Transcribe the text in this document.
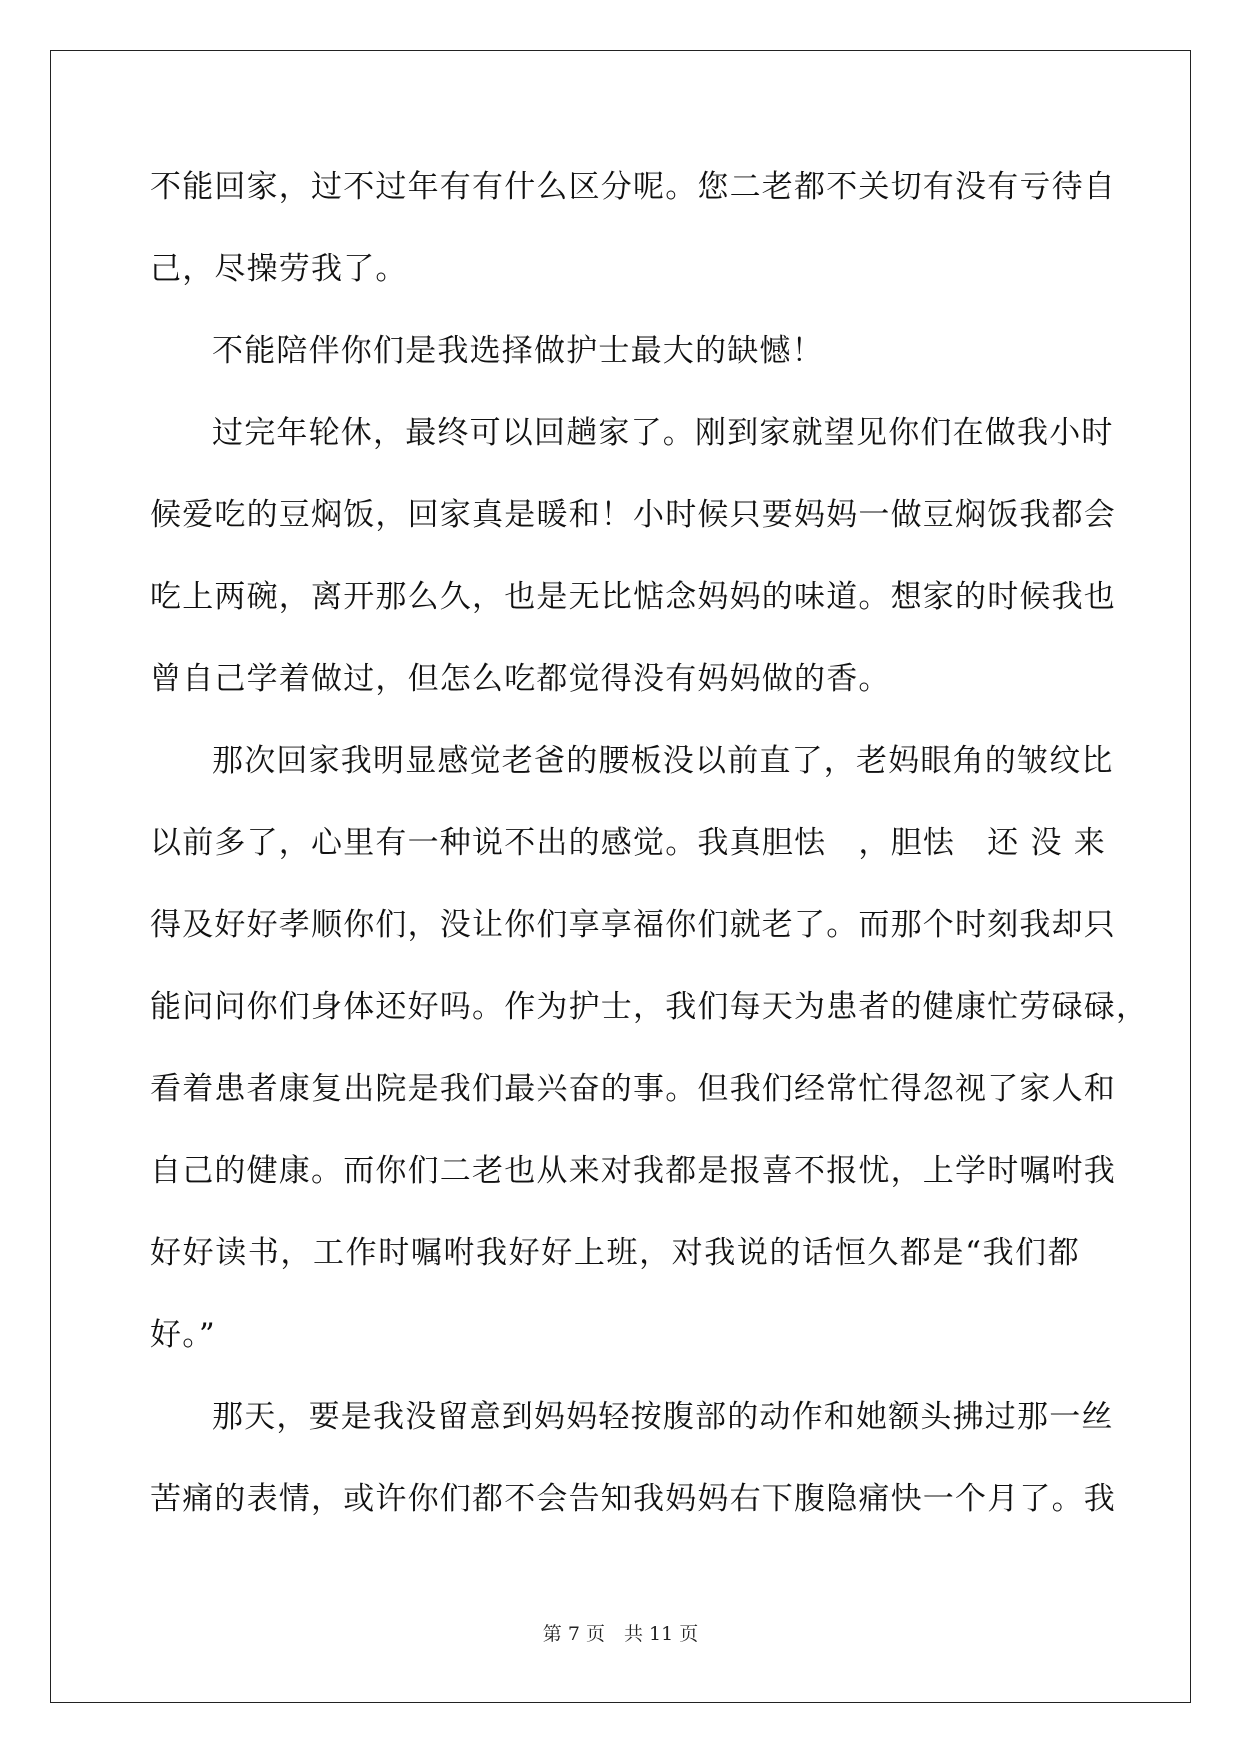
不能回家，过不过年有有什么区分呢。您二老都不关切有没有亏待自
己，尽操劳我了。
不能陪伴你们是我选择做护士最大的缺憾！
过完年轮休，最终可以回趟家了。刚到家就望见你们在做我小时
候爱吃的豆焖饭，回家真是暖和！小时候只要妈妈一做豆焖饭我都会
吃上两碗，离开那么久，也是无比惦念妈妈的味道。想家的时候我也
曾自己学着做过，但怎么吃都觉得没有妈妈做的香。
那次回家我明显感觉老爸的腰板没以前直了，老妈眼角的皱纹比
以前多了，心里有一种说不出的感觉。我真胆怯　，胆怯　还 没 来
得及好好孝顺你们，没让你们享享福你们就老了。而那个时刻我却只
能问问你们身体还好吗。作为护士，我们每天为患者的健康忙劳碌碌，
看着患者康复出院是我们最兴奋的事。但我们经常忙得忽视了家人和
自己的健康。而你们二老也从来对我都是报喜不报忧，上学时嘱咐我
好好读书，工作时嘱咐我好好上班，对我说的话恒久都是“我们都
好。”
那天，要是我没留意到妈妈轻按腹部的动作和她额头拂过那一丝
苦痛的表情，或许你们都不会告知我妈妈右下腹隐痛快一个月了。我
第 7 页　共 11 页
